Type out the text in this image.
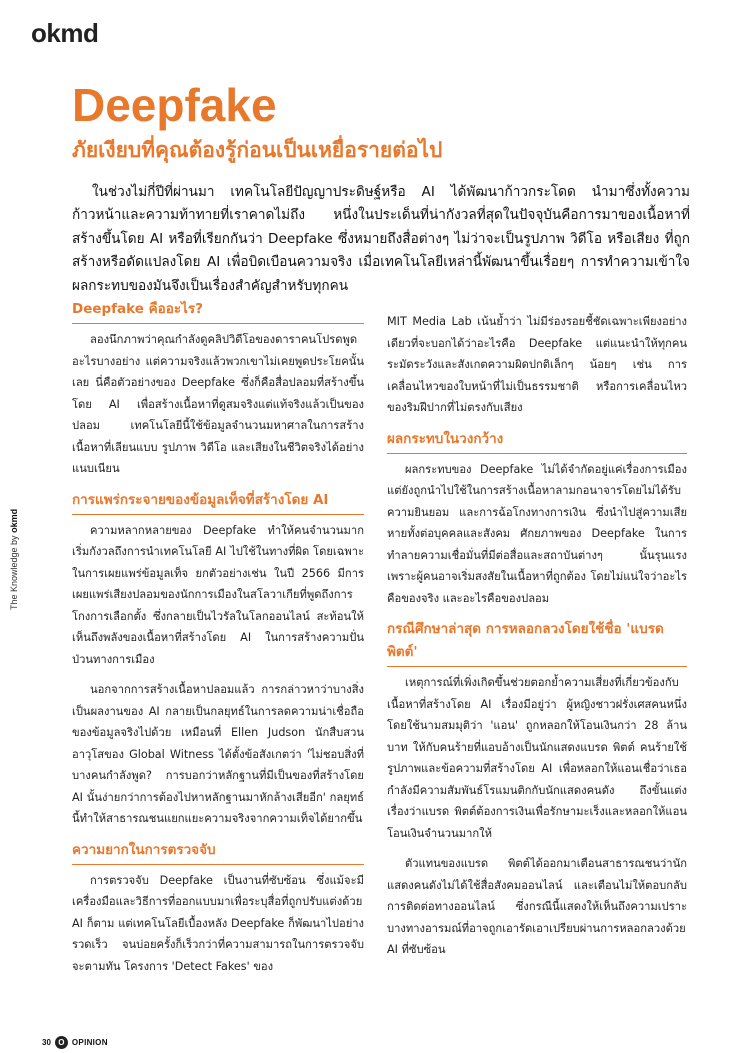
okmd
The Knowledge by okmd
Deepfake
ภัยเงียบที่คุณต้องรู้ก่อนเป็นเหยื่อรายต่อไป

ในช่วงไม่กี่ปีที่ผ่านมา เทคโนโลยีปัญญาประดิษฐ์หรือ AI ได้พัฒนาก้าวกระโดด นำมาซึ่งทั้งความก้าวหน้าและความท้าทายที่เราคาดไม่ถึง หนึ่งในประเด็นที่น่ากังวลที่สุดในปัจจุบันคือการมาของเนื้อหาที่สร้างขึ้นโดย AI หรือที่เรียกกันว่า Deepfake ซึ่งหมายถึงสื่อต่างๆ ไม่ว่าจะเป็นรูปภาพ วิดีโอ หรือเสียง ที่ถูกสร้างหรือดัดแปลงโดย AI เพื่อบิดเบือนความจริง เมื่อเทคโนโลยีเหล่านี้พัฒนาขึ้นเรื่อยๆ การทำความเข้าใจผลกระทบของมันจึงเป็นเรื่องสำคัญสำหรับทุกคน

Deepfake คืออะไร?

ลองนึกภาพว่าคุณกำลังดูคลิปวิดีโอของดาราคนโปรดพูดอะไรบางอย่าง แต่ความจริงแล้วพวกเขาไม่เคยพูดประโยคนั้นเลย นี่คือตัวอย่างของ Deepfake ซึ่งก็คือสื่อปลอมที่สร้างขึ้นโดย AI เพื่อสร้างเนื้อหาที่ดูสมจริงแต่แท้จริงแล้วเป็นของปลอม เทคโนโลยีนี้ใช้ข้อมูลจำนวนมหาศาลในการสร้างเนื้อหาที่เลียนแบบ รูปภาพ วิดีโอ และเสียงในชีวิตจริงได้อย่างแนบเนียน

การแพร่กระจายของข้อมูลเท็จที่สร้างโดย AI

ความหลากหลายของ Deepfake ทำให้คนจำนวนมากเริ่มกังวลถึงการนำเทคโนโลยี AI ไปใช้ในทางที่ผิด โดยเฉพาะในการเผยแพร่ข้อมูลเท็จ ยกตัวอย่างเช่น ในปี 2566 มีการเผยแพร่เสียงปลอมของนักการเมืองในสโลวาเกียที่พูดถึงการโกงการเลือกตั้ง ซึ่งกลายเป็นไวรัลในโลกออนไลน์ สะท้อนให้เห็นถึงพลังของเนื้อหาที่สร้างโดย AI ในการสร้างความปั่นป่วนทางการเมือง

นอกจากการสร้างเนื้อหาปลอมแล้ว การกล่าวหาว่าบางสิ่งเป็นผลงานของ AI กลายเป็นกลยุทธ์ในการลดความน่าเชื่อถือของข้อมูลจริงไปด้วย เหมือนที่ Ellen Judson นักสืบสวนอาวุโสของ Global Witness ได้ตั้งข้อสังเกตว่า 'ไม่ชอบสิ่งที่บางคนกำลังพูด? การบอกว่าหลักฐานที่มีเป็นของที่สร้างโดย AI นั้นง่ายกว่าการต้องไปหาหลักฐานมาหักล้างเสียอีก' กลยุทธ์นี้ทำให้สาธารณชนแยกแยะความจริงจากความเท็จได้ยากขึ้น

ความยากในการตรวจจับ

การตรวจจับ Deepfake เป็นงานที่ซับซ้อน ซึ่งแม้จะมีเครื่องมือและวิธีการที่ออกแบบมาเพื่อระบุสื่อที่ถูกปรับแต่งด้วย AI ก็ตาม แต่เทคโนโลยีเบื้องหลัง Deepfake ก็พัฒนาไปอย่างรวดเร็ว จนบ่อยครั้งก็เร็วกว่าที่ความสามารถในการตรวจจับจะตามทัน โครงการ 'Detect Fakes' ของ

MIT Media Lab เน้นย้ำว่า ไม่มีร่องรอยชี้ชัดเฉพาะเพียงอย่างเดียวที่จะบอกได้ว่าอะไรคือ Deepfake แต่แนะนำให้ทุกคนระมัดระวังและสังเกตความผิดปกติเล็กๆ น้อยๆ เช่น การเคลื่อนไหวของใบหน้าที่ไม่เป็นธรรมชาติ หรือการเคลื่อนไหวของริมฝีปากที่ไม่ตรงกับเสียง

ผลกระทบในวงกว้าง

ผลกระทบของ Deepfake ไม่ได้จำกัดอยู่แค่เรื่องการเมือง แต่ยังถูกนำไปใช้ในการสร้างเนื้อหาลามกอนาจารโดยไม่ได้รับความยินยอม และการฉ้อโกงทางการเงิน ซึ่งนำไปสู่ความเสียหายทั้งต่อบุคคลและสังคม ศักยภาพของ Deepfake ในการทำลายความเชื่อมั่นที่มีต่อสื่อและสถาบันต่างๆ นั้นรุนแรง เพราะผู้คนอาจเริ่มสงสัยในเนื้อหาที่ถูกต้อง โดยไม่แน่ใจว่าอะไรคือของจริง และอะไรคือของปลอม

กรณีศึกษาล่าสุด การหลอกลวงโดยใช้ชื่อ 'แบรด พิตต์'

เหตุการณ์ที่เพิ่งเกิดขึ้นช่วยตอกย้ำความเสี่ยงที่เกี่ยวข้องกับเนื้อหาที่สร้างโดย AI เรื่องมีอยู่ว่า ผู้หญิงชาวฝรั่งเศสคนหนึ่ง โดยใช้นามสมมุติว่า 'แอน' ถูกหลอกให้โอนเงินกว่า 28 ล้านบาท ให้กับคนร้ายที่แอบอ้างเป็นนักแสดงแบรด พิตต์ คนร้ายใช้รูปภาพและข้อความที่สร้างโดย AI เพื่อหลอกให้แอนเชื่อว่าเธอกำลังมีความสัมพันธ์โรแมนติกกับนักแสดงคนดัง ถึงขั้นแต่งเรื่องว่าแบรด พิตต์ต้องการเงินเพื่อรักษามะเร็งและหลอกให้แอนโอนเงินจำนวนมากให้

ตัวแทนของแบรด พิตต์ได้ออกมาเตือนสาธารณชนว่านักแสดงคนดังไม่ได้ใช้สื่อสังคมออนไลน์ และเตือนไม่ให้ตอบกลับการติดต่อทางออนไลน์ ซึ่งกรณีนี้แสดงให้เห็นถึงความเปราะบางทางอารมณ์ที่อาจถูกเอารัดเอาเปรียบผ่านการหลอกลวงด้วย AI ที่ซับซ้อน

30 O OPINION
